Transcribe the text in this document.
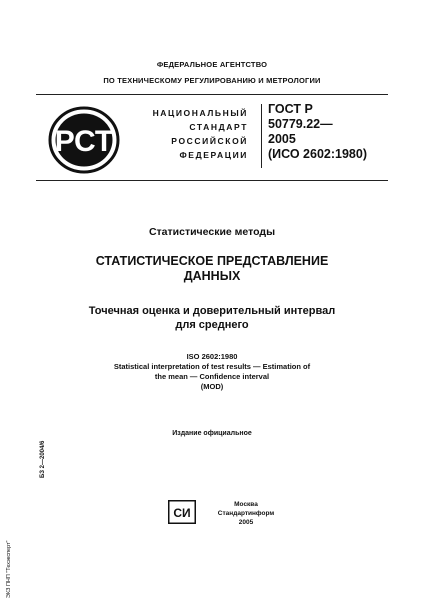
ФЕДЕРАЛЬНОЕ АГЕНТСТВО
ПО ТЕХНИЧЕСКОМУ РЕГУЛИРОВАНИЮ И МЕТРОЛОГИИ
РСТ
НАЦИОНАЛЬНЫЙ
СТАНДАРТ
РОССИЙСКОЙ
ФЕДЕРАЦИИ
ГОСТ Р
50779.22—
2005
(ИСО 2602:1980)
Статистические методы
СТАТИСТИЧЕСКОЕ ПРЕДСТАВЛЕНИЕ
ДАННЫХ
Точечная оценка и доверительный интервал
для среднего
ISO 2602:1980
Statistical interpretation of test results — Estimation of
the mean — Confidence interval
(MOD)
Издание официальное
БЗ 2—2004/6
ЭКЗ ПНП "Техэксперт"
СИ
Москва
Стандартинформ
2005
